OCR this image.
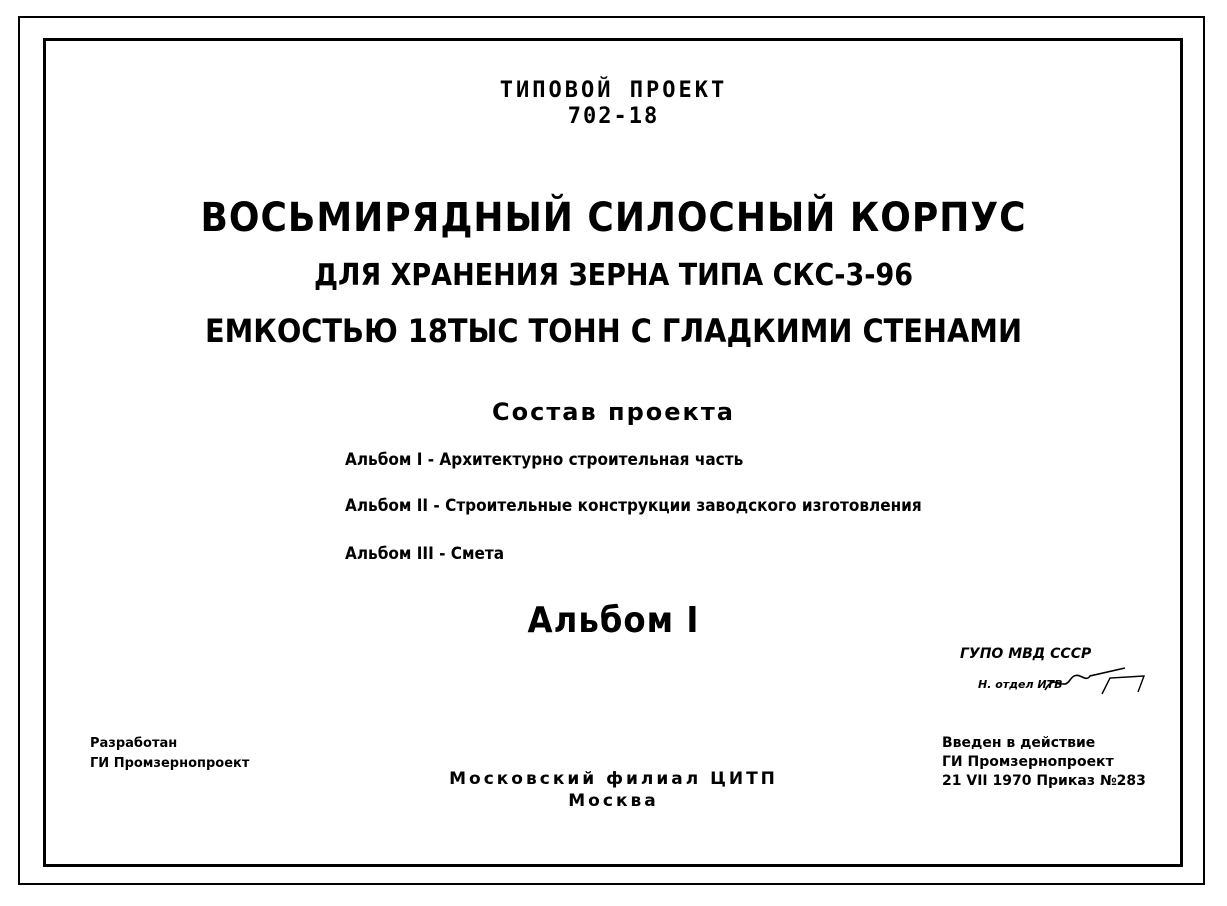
ТИПОВОЙ ПРОЕКТ
702-18
ВОСЬМИРЯДНЫЙ СИЛОСНЫЙ КОРПУС
ДЛЯ ХРАНЕНИЯ ЗЕРНА ТИПА СКС-3-96
ЕМКОСТЬЮ 18ТЫС ТОНН С ГЛАДКИМИ СТЕНАМИ
Состав проекта
Альбом I - Архитектурно строительная часть
Альбом II - Строительные конструкции заводского изготовления
Альбом III - Смета
Альбом I
ГУПО МВД СССР
Н. отдел ИТВ
Разработан
ГИ Промзернопроект
Московский филиал ЦИТП
Москва
Введен в действие
ГИ Промзернопроект
21 VII 1970 Приказ №283
